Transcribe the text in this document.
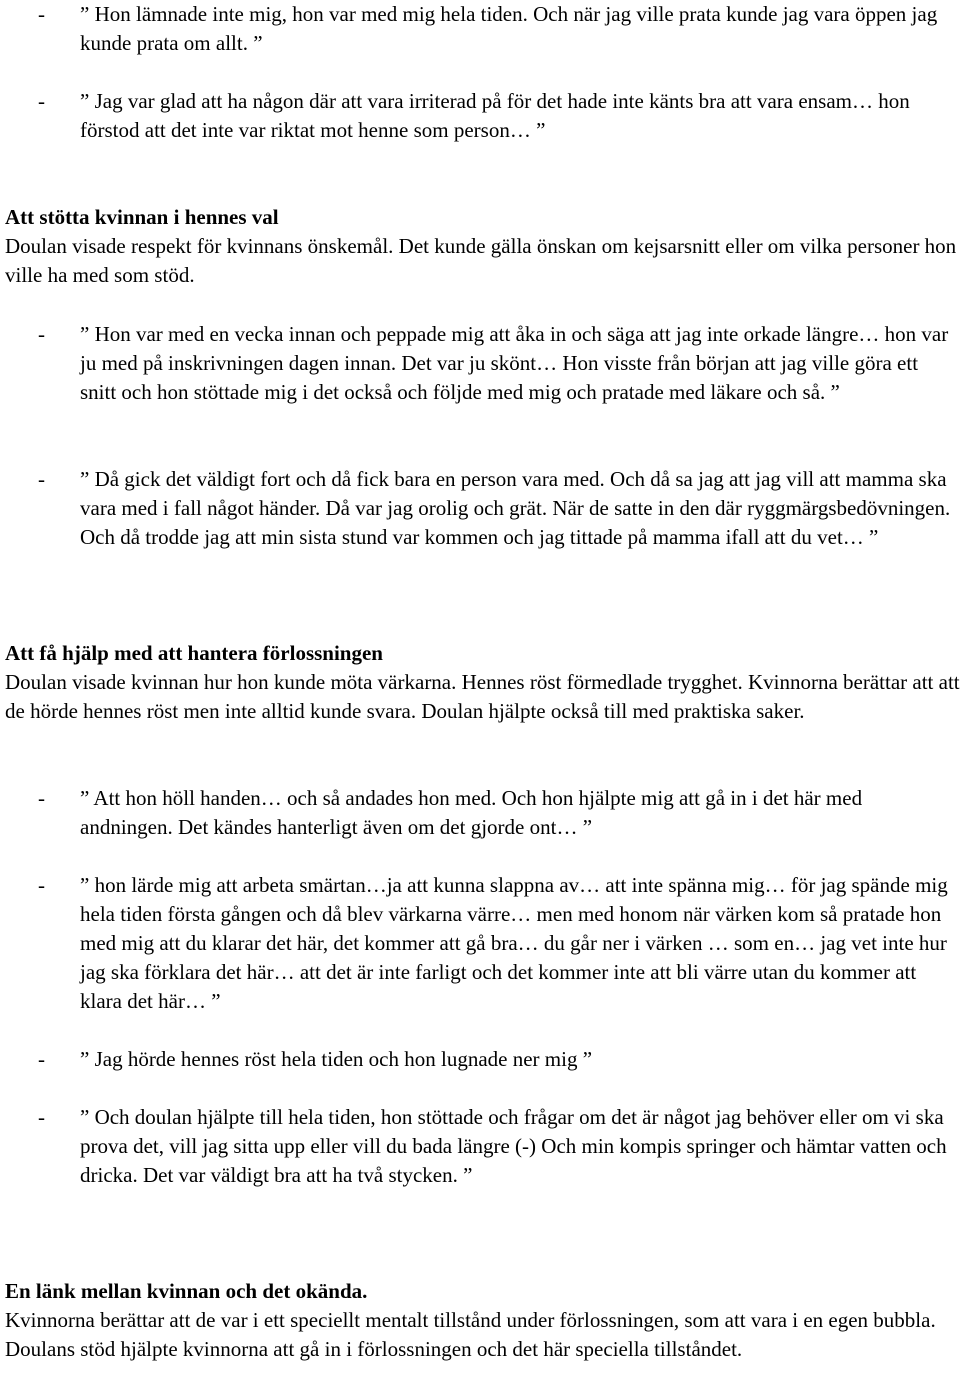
- ” Hon lämnade inte mig, hon var med mig hela tiden. Och när jag ville prata kunde jag vara öppen jag kunde prata om allt. ”
- ” Jag var glad att ha någon där att vara irriterad på för det hade inte känts bra att vara ensam… hon förstod att det inte var riktat mot henne som person… ”
Att stötta kvinnan i hennes val
Doulan visade respekt för kvinnans önskemål. Det kunde gälla önskan om kejsarsnitt eller om vilka personer hon ville ha med som stöd.
- ” Hon var med en vecka innan och peppade mig att åka in och säga att jag inte orkade längre… hon var ju med på inskrivningen dagen innan. Det var ju skönt… Hon visste från början att jag ville göra ett snitt och hon stöttade mig i det också och följde med mig och pratade med läkare och så. ”
- ” Då gick det väldigt fort och då fick bara en person vara med. Och då sa jag att jag vill att mamma ska vara med i fall något händer. Då var jag orolig och grät. När de satte in den där ryggmärgsbedövningen. Och då trodde jag att min sista stund var kommen och jag tittade på mamma ifall att du vet… ”
Att få hjälp med att hantera förlossningen
Doulan visade kvinnan hur hon kunde möta värkarna. Hennes röst förmedlade trygghet. Kvinnorna berättar att att de hörde hennes röst men inte alltid kunde svara. Doulan hjälpte också till med praktiska saker.
- ” Att hon höll handen… och så andades hon med. Och hon hjälpte mig att gå in i det här med andningen. Det kändes hanterligt även om det gjorde ont… ”
- ” hon lärde mig att arbeta smärtan…ja att kunna slappna av… att inte spänna mig… för jag spände mig hela tiden första gången och då blev värkarna värre… men med honom när värken kom så pratade hon med mig att du klarar det här, det kommer att gå bra… du går ner i värken … som en… jag vet inte hur jag ska förklara det här… att det är inte farligt och det kommer inte att bli värre utan du kommer att klara det här… ”
- ” Jag hörde hennes röst hela tiden och hon lugnade ner mig ”
- ” Och doulan hjälpte till hela tiden, hon stöttade och frågar om det är något jag behöver eller om vi ska prova det, vill jag sitta upp eller vill du bada längre (-) Och min kompis springer och hämtar vatten och dricka. Det var väldigt bra att ha två stycken. ”
En länk mellan kvinnan och det okända.
Kvinnorna berättar att de var i ett speciellt mentalt tillstånd under förlossningen, som att vara i en egen bubbla. Doulans stöd hjälpte kvinnorna att gå in i förlossningen och det här speciella tillståndet.
